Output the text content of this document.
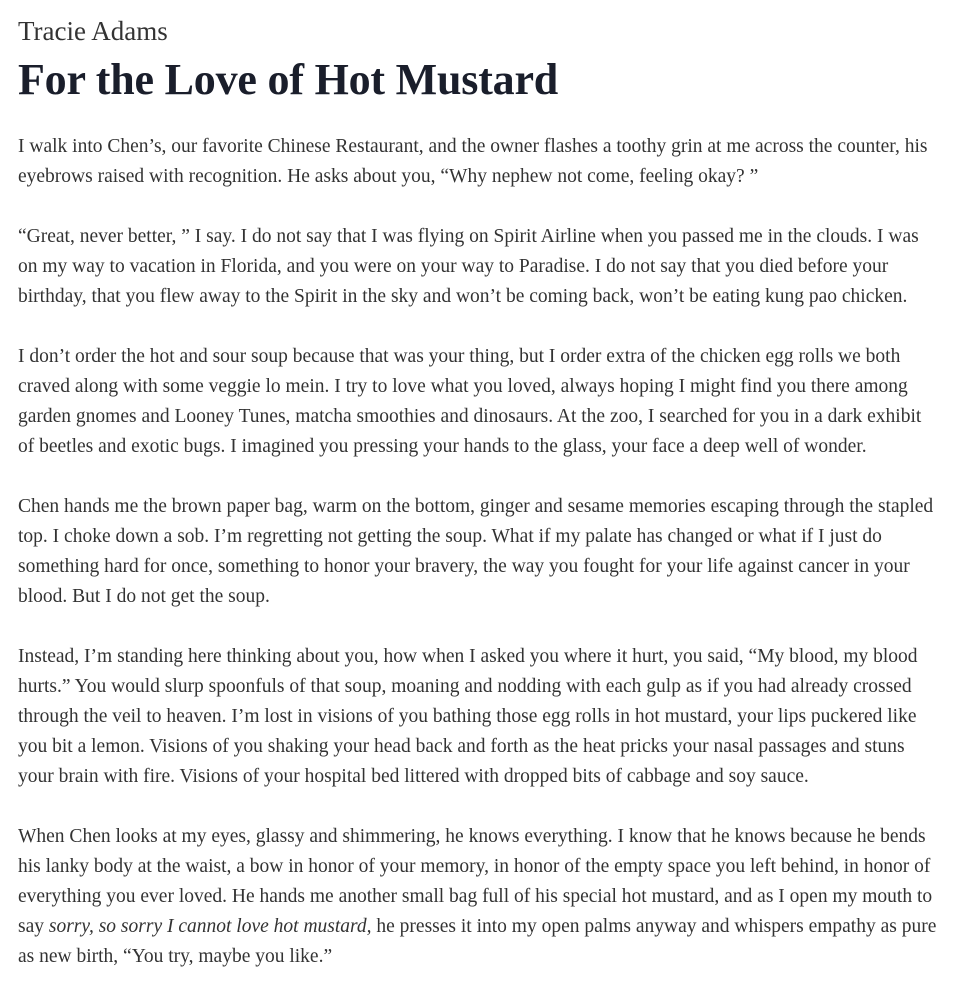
Tracie Adams
For the Love of Hot Mustard

I walk into Chen’s, our favorite Chinese Restaurant, and the owner flashes a toothy grin at me across the counter, his eyebrows raised with recognition. He asks about you, “Why nephew not come, feeling okay? ”

“Great, never better, ” I say. I do not say that I was flying on Spirit Airline when you passed me in the clouds. I was on my way to vacation in Florida, and you were on your way to Paradise. I do not say that you died before your birthday, that you flew away to the Spirit in the sky and won’t be coming back, won’t be eating kung pao chicken.

I don’t order the hot and sour soup because that was your thing, but I order extra of the chicken egg rolls we both craved along with some veggie lo mein. I try to love what you loved, always hoping I might find you there among garden gnomes and Looney Tunes, matcha smoothies and dinosaurs. At the zoo, I searched for you in a dark exhibit of beetles and exotic bugs. I imagined you pressing your hands to the glass, your face a deep well of wonder.

Chen hands me the brown paper bag, warm on the bottom, ginger and sesame memories escaping through the stapled top. I choke down a sob. I’m regretting not getting the soup. What if my palate has changed or what if I just do something hard for once, something to honor your bravery, the way you fought for your life against cancer in your blood. But I do not get the soup.

Instead, I’m standing here thinking about you, how when I asked you where it hurt, you said, “My blood, my blood hurts.” You would slurp spoonfuls of that soup, moaning and nodding with each gulp as if you had already crossed through the veil to heaven. I’m lost in visions of you bathing those egg rolls in hot mustard, your lips puckered like you bit a lemon. Visions of you shaking your head back and forth as the heat pricks your nasal passages and stuns your brain with fire. Visions of your hospital bed littered with dropped bits of cabbage and soy sauce.

When Chen looks at my eyes, glassy and shimmering, he knows everything. I know that he knows because he bends his lanky body at the waist, a bow in honor of your memory, in honor of the empty space you left behind, in honor of everything you ever loved. He hands me another small bag full of his special hot mustard, and as I open my mouth to say sorry, so sorry I cannot love hot mustard, he presses it into my open palms anyway and whispers empathy as pure as new birth, “You try, maybe you like.”
